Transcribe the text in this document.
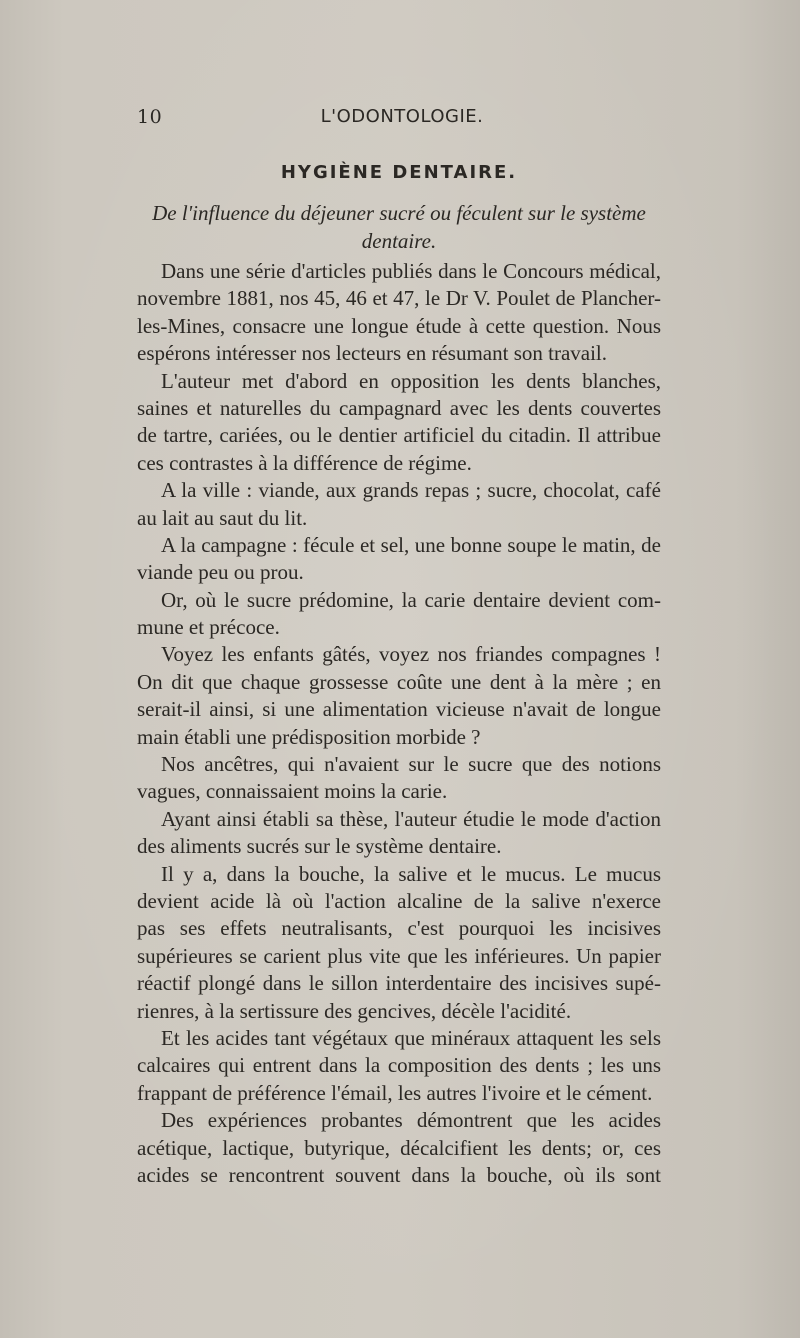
10	L'ODONTOLOGIE.
HYGIÈNE DENTAIRE.
De l'influence du déjeuner sucré ou féculent sur le système
dentaire.
Dans une série d'articles publiés dans le Concours médical,
novembre 1881, nos 45, 46 et 47, le Dr V. Poulet de Plancher-
les-Mines, consacre une longue étude à cette question. Nous
espérons intéresser nos lecteurs en résumant son travail.
L'auteur met d'abord en opposition les dents blanches,
saines et naturelles du campagnard avec les dents couvertes
de tartre, cariées, ou le dentier artificiel du citadin. Il attribue
ces contrastes à la différence de régime.
A la ville : viande, aux grands repas ; sucre, chocolat, café
au lait au saut du lit.
A la campagne : fécule et sel, une bonne soupe le matin, de
viande peu ou prou.
Or, où le sucre prédomine, la carie dentaire devient com-
mune et précoce.
Voyez les enfants gâtés, voyez nos friandes compagnes !
On dit que chaque grossesse coûte une dent à la mère ; en
serait-il ainsi, si une alimentation vicieuse n'avait de longue
main établi une prédisposition morbide ?
Nos ancêtres, qui n'avaient sur le sucre que des notions
vagues, connaissaient moins la carie.
Ayant ainsi établi sa thèse, l'auteur étudie le mode d'action
des aliments sucrés sur le système dentaire.
Il y a, dans la bouche, la salive et le mucus. Le mucus
devient acide là où l'action alcaline de la salive n'exerce
pas ses effets neutralisants, c'est pourquoi les incisives
supérieures se carient plus vite que les inférieures. Un papier
réactif plongé dans le sillon interdentaire des incisives supé-
rienres, à la sertissure des gencives, décèle l'acidité.
Et les acides tant végétaux que minéraux attaquent les sels
calcaires qui entrent dans la composition des dents ; les uns
frappant de préférence l'émail, les autres l'ivoire et le cément.
Des expériences probantes démontrent que les acides
acétique, lactique, butyrique, décalcifient les dents; or, ces
acides se rencontrent souvent dans la bouche, où ils sont
